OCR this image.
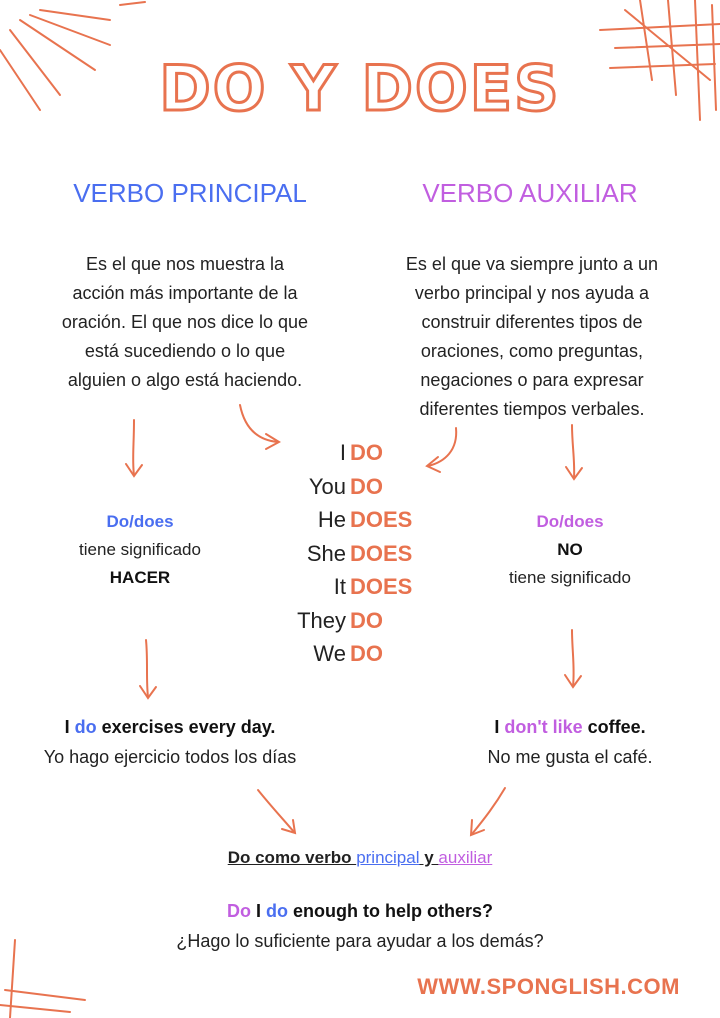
DO Y DOES
VERBO PRINCIPAL	VERBO AUXILIAR
Es el que nos muestra la
acción más importante de la
oración. El que nos dice lo que
está sucediendo o lo que
alguien o algo está haciendo.
Es el que va siempre junto a un
verbo principal y nos ayuda a
construir diferentes tipos de
oraciones, como preguntas,
negaciones o para expresar
diferentes tiempos verbales.
I DO
You DO
He DOES
She DOES
It DOES
They DO
We DO
Do/does
tiene significado
HACER
Do/does
NO
tiene significado
I do exercises every day.
Yo hago ejercicio todos los días
I don't like coffee.
No me gusta el café.
Do como verbo principal y auxiliar
Do I do enough to help others?
¿Hago lo suficiente para ayudar a los demás?
WWW.SPONGLISH.COM
